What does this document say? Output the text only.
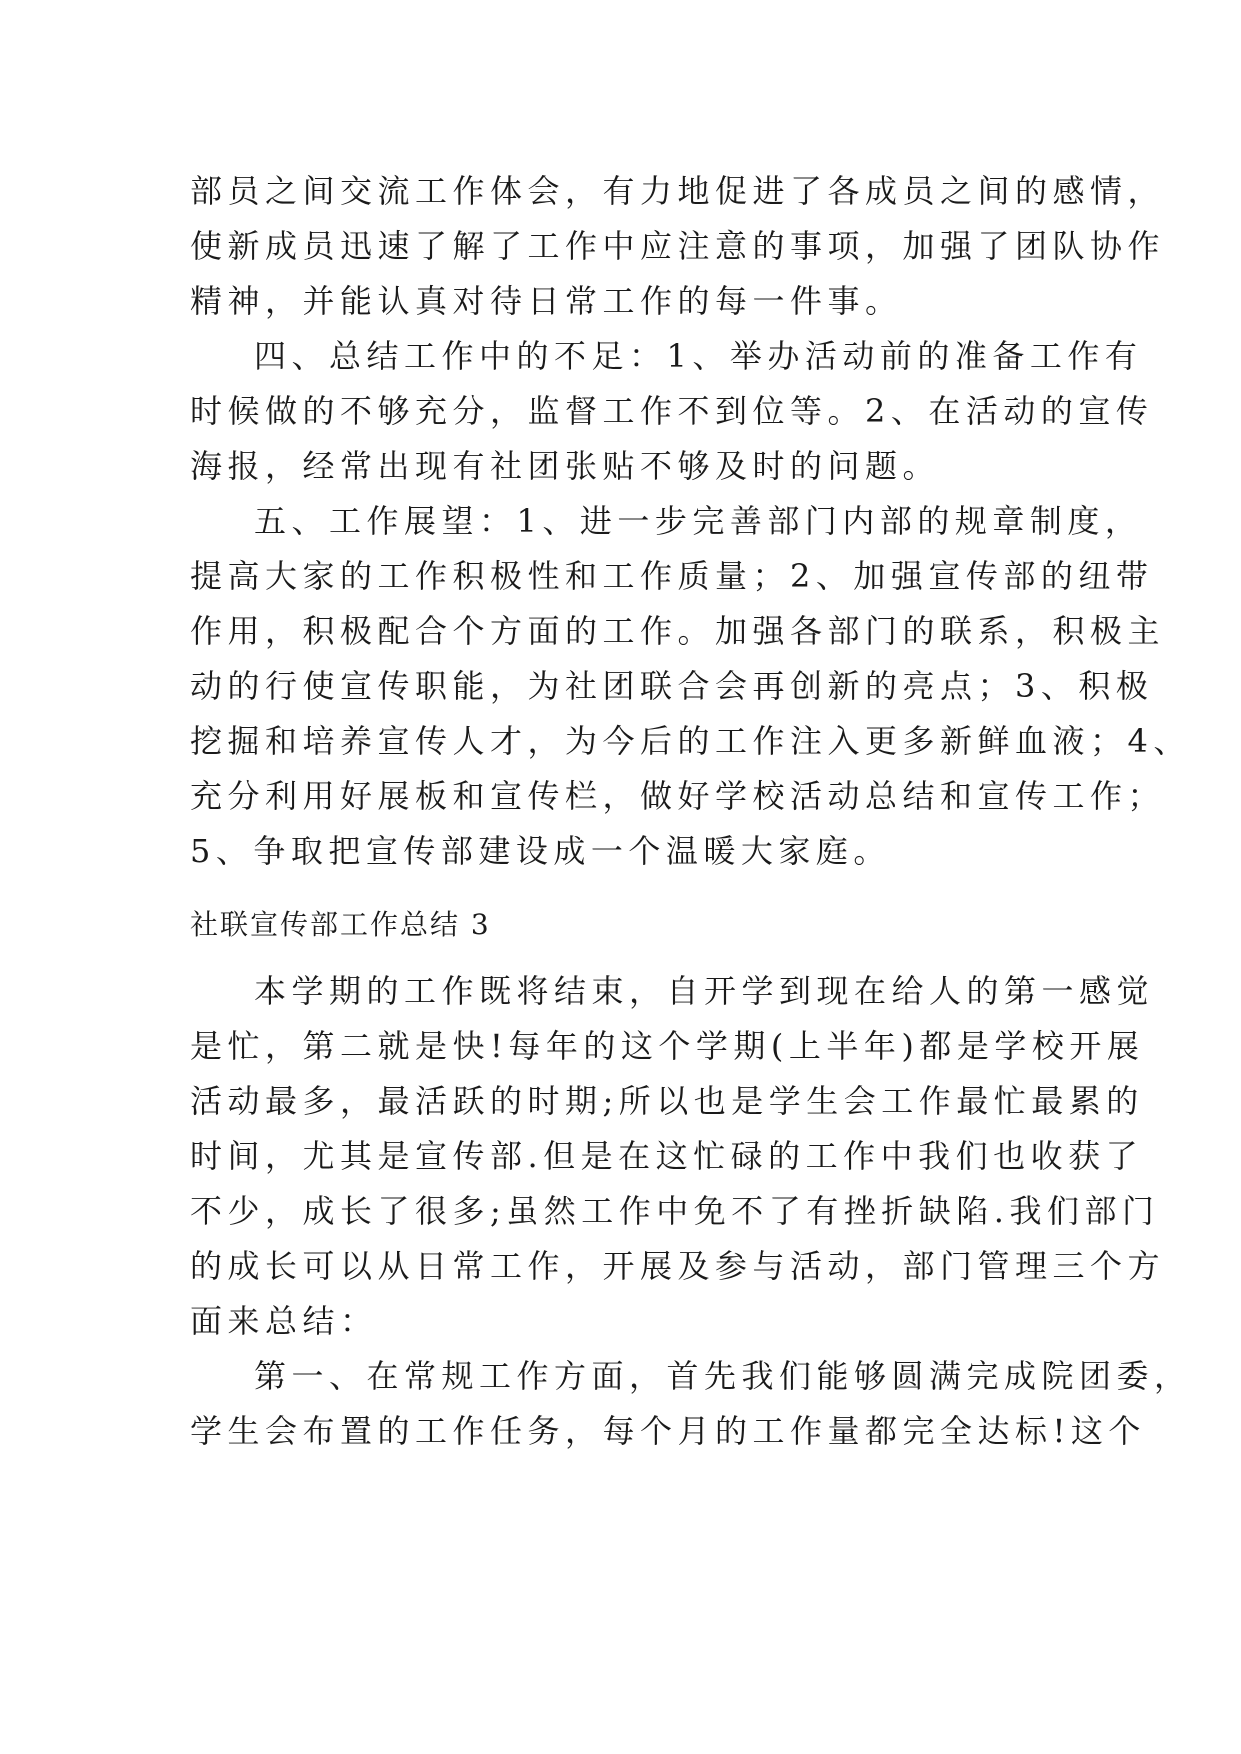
部员之间交流工作体会，有力地促进了各成员之间的感情，
使新成员迅速了解了工作中应注意的事项，加强了团队协作
精神，并能认真对待日常工作的每一件事。
四、总结工作中的不足：1、举办活动前的准备工作有
时候做的不够充分，监督工作不到位等。2、在活动的宣传
海报，经常出现有社团张贴不够及时的问题。
五、工作展望：1、进一步完善部门内部的规章制度，
提高大家的工作积极性和工作质量；2、加强宣传部的纽带
作用，积极配合个方面的工作。加强各部门的联系，积极主
动的行使宣传职能，为社团联合会再创新的亮点；3、积极
挖掘和培养宣传人才，为今后的工作注入更多新鲜血液；4、
充分利用好展板和宣传栏，做好学校活动总结和宣传工作；
5、争取把宣传部建设成一个温暖大家庭。
社联宣传部工作总结 3
本学期的工作既将结束，自开学到现在给人的第一感觉
是忙，第二就是快!每年的这个学期(上半年)都是学校开展
活动最多，最活跃的时期;所以也是学生会工作最忙最累的
时间，尤其是宣传部.但是在这忙碌的工作中我们也收获了
不少，成长了很多;虽然工作中免不了有挫折缺陷.我们部门
的成长可以从日常工作，开展及参与活动，部门管理三个方
面来总结：
第一、在常规工作方面，首先我们能够圆满完成院团委，
学生会布置的工作任务，每个月的工作量都完全达标!这个
